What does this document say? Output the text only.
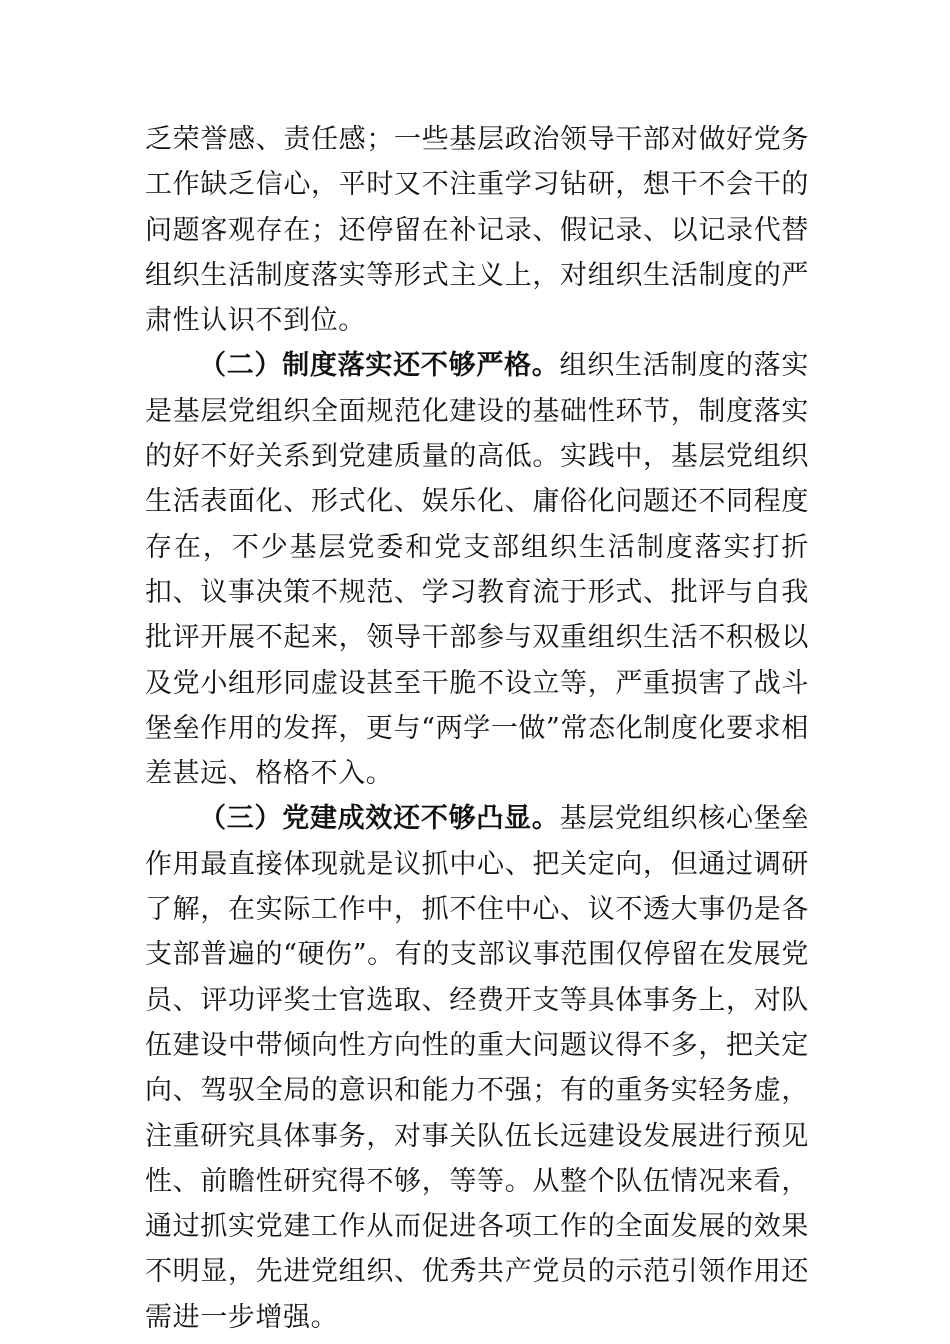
乏荣誉感、责任感；一些基层政治领导干部对做好党务工作缺乏信心，平时又不注重学习钻研，想干不会干的问题客观存在；还停留在补记录、假记录、以记录代替组织生活制度落实等形式主义上，对组织生活制度的严肃性认识不到位。

（二）制度落实还不够严格。组织生活制度的落实是基层党组织全面规范化建设的基础性环节，制度落实的好不好关系到党建质量的高低。实践中，基层党组织生活表面化、形式化、娱乐化、庸俗化问题还不同程度存在，不少基层党委和党支部组织生活制度落实打折扣、议事决策不规范、学习教育流于形式、批评与自我批评开展不起来，领导干部参与双重组织生活不积极以及党小组形同虚设甚至干脆不设立等，严重损害了战斗堡垒作用的发挥，更与“两学一做”常态化制度化要求相差甚远、格格不入。

（三）党建成效还不够凸显。基层党组织核心堡垒作用最直接体现就是议抓中心、把关定向，但通过调研了解，在实际工作中，抓不住中心、议不透大事仍是各支部普遍的“硬伤”。有的支部议事范围仅停留在发展党员、评功评奖士官选取、经费开支等具体事务上，对队伍建设中带倾向性方向性的重大问题议得不多，把关定向、驾驭全局的意识和能力不强；有的重务实轻务虚，注重研究具体事务，对事关队伍长远建设发展进行预见性、前瞻性研究得不够，等等。从整个队伍情况来看，通过抓实党建工作从而促进各项工作的全面发展的效果不明显，先进党组织、优秀共产党员的示范引领作用还需进一步增强。
